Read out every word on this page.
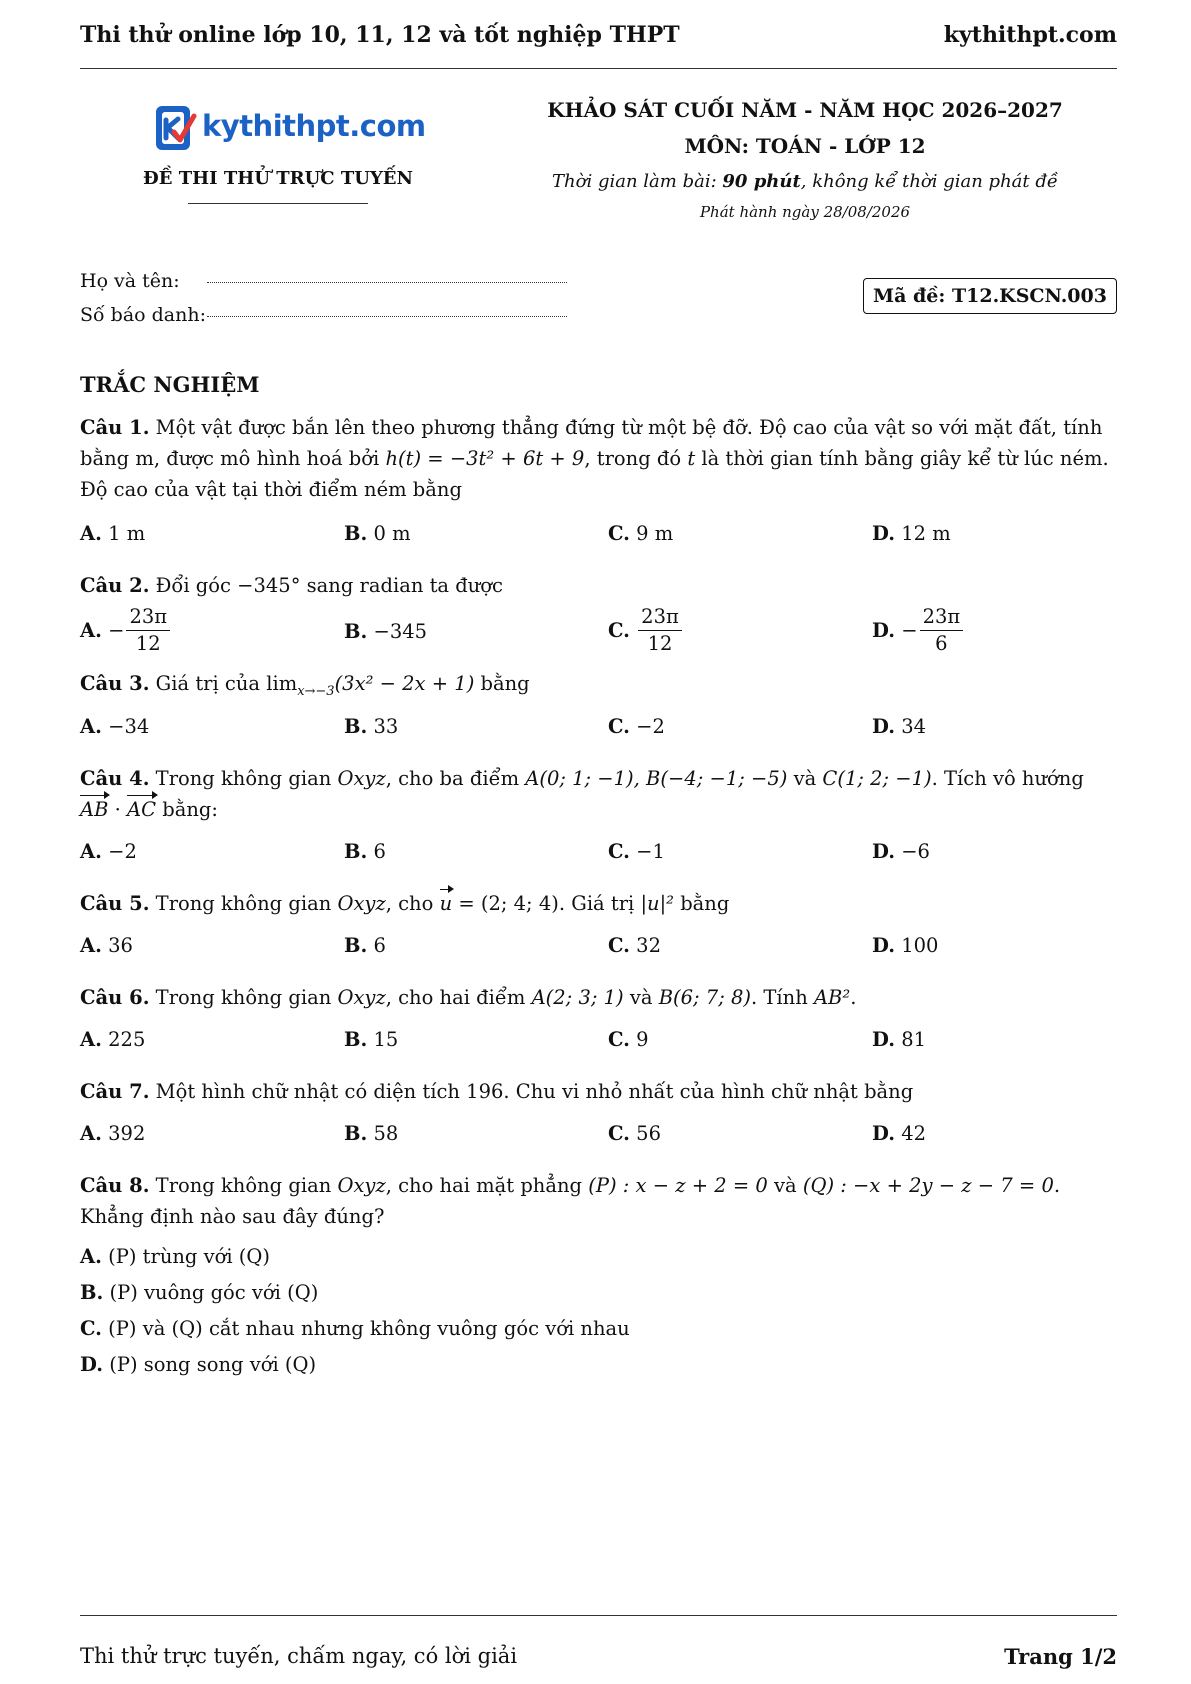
Thi thử online lớp 10, 11, 12 và tốt nghiệp THPT	kythithpt.com
kythithpt.com
ĐỀ THI THỬ TRỰC TUYẾN
KHẢO SÁT CUỐI NĂM - NĂM HỌC 2026–2027
MÔN: TOÁN - LỚP 12
Thời gian làm bài: 90 phút, không kể thời gian phát đề
Phát hành ngày 28/08/2026
Họ và tên:
Số báo danh:
Mã đề: T12.KSCN.003
TRẮC NGHIỆM
Câu 1. Một vật được bắn lên theo phương thẳng đứng từ một bệ đỡ. Độ cao của vật so với mặt đất, tính bằng m, được mô hình hoá bởi h(t) = −3t² + 6t + 9, trong đó t là thời gian tính bằng giây kể từ lúc ném. Độ cao của vật tại thời điểm ném bằng
A. 1 m	B. 0 m	C. 9 m	D. 12 m
Câu 2. Đổi góc −345° sang radian ta được
A. − $\frac{23\pi}{12}$	B. −345	C. $\frac{23\pi}{12}$	D. − $\frac{23\pi}{6}$
Câu 3. Giá trị của $\lim_{x\to-3}(3x^2 - 2x + 1)$ bằng
A. −34	B. 33	C. −2	D. 34
Câu 4. Trong không gian Oxyz, cho ba điểm A(0; 1; −1), B(−4; −1; −5) và C(1; 2; −1). Tích vô hướng AB · AC bằng:
A. −2	B. 6	C. −1	D. −6
Câu 5. Trong không gian Oxyz, cho u = (2; 4; 4). Giá trị |u|² bằng
A. 36	B. 6	C. 32	D. 100
Câu 6. Trong không gian Oxyz, cho hai điểm A(2; 3; 1) và B(6; 7; 8). Tính AB².
A. 225	B. 15	C. 9	D. 81
Câu 7. Một hình chữ nhật có diện tích 196. Chu vi nhỏ nhất của hình chữ nhật bằng
A. 392	B. 58	C. 56	D. 42
Câu 8. Trong không gian Oxyz, cho hai mặt phẳng (P) : x − z + 2 = 0 và (Q) : −x + 2y − z − 7 = 0. Khẳng định nào sau đây đúng?
A. (P) trùng với (Q)
B. (P) vuông góc với (Q)
C. (P) và (Q) cắt nhau nhưng không vuông góc với nhau
D. (P) song song với (Q)
Thi thử trực tuyến, chấm ngay, có lời giải	Trang 1/2
